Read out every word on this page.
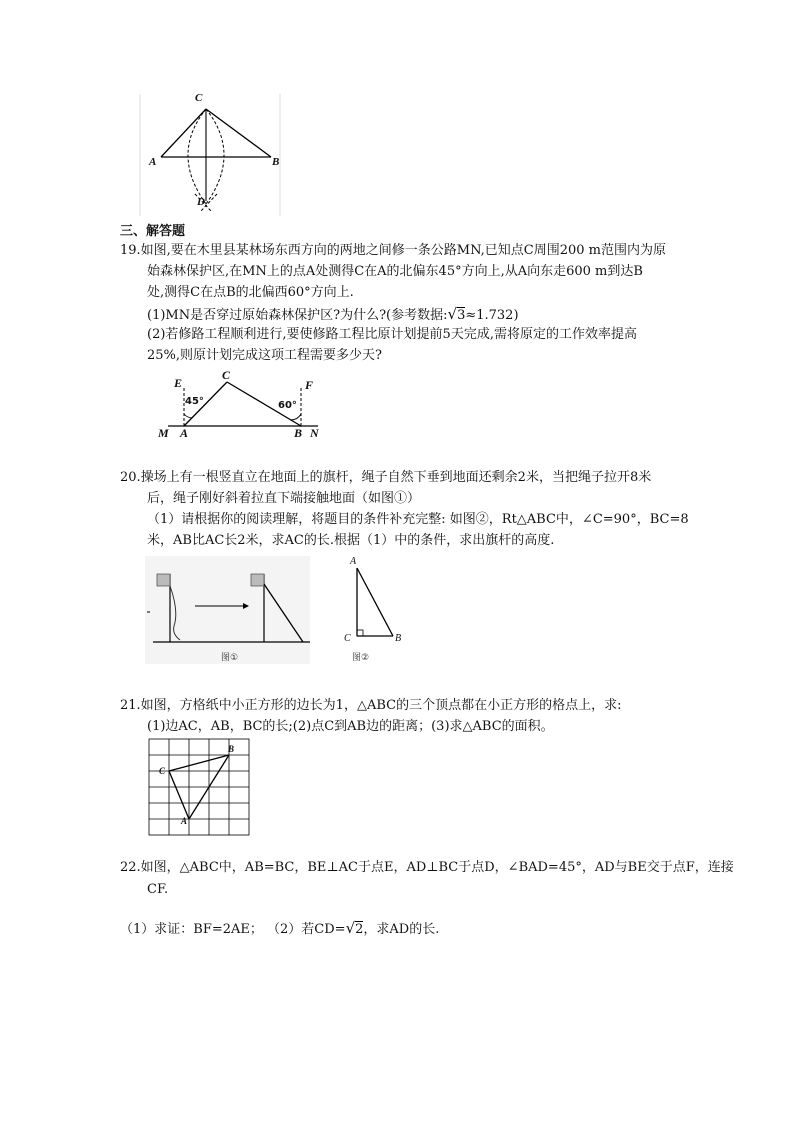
C
A	B
D
三、解答题
19.如图,要在木里县某林场东西方向的两地之间修一条公路MN,已知点C周围200 m范围内为原
始森林保护区,在MN上的点A处测得C在A的北偏东45°方向上,从A向东走600 m到达B
处,测得C在点B的北偏西60°方向上.
(1)MN是否穿过原始森林保护区?为什么?(参考数据:√3≈1.732)
(2)若修路工程顺利进行,要使修路工程比原计划提前5天完成,需将原定的工作效率提高
25%,则原计划完成这项工程需要多少天?
E
C
F
45°	60°
M A	B N
20.操场上有一根竖直立在地面上的旗杆，绳子自然下垂到地面还剩余2米，当把绳子拉开8米
后，绳子刚好斜着拉直下端接触地面（如图①）
（1）请根据你的阅读理解，将题目的条件补充完整: 如图②，Rt△ABC中，∠C=90°，BC=8
米，AB比AC长2米，求AC的长.根据（1）中的条件，求出旗杆的高度.
图①	图②
A
C	B
21.如图，方格纸中小正方形的边长为1，△ABC的三个顶点都在小正方形的格点上，求:
(1)边AC，AB，BC的长;(2)点C到AB边的距离；(3)求△ABC的面积。
B
C
A
22.如图，△ABC中，AB=BC，BE⊥AC于点E，AD⊥BC于点D，∠BAD=45°，AD与BE交于点F，连接
CF.
（1）求证：BF=2AE； （2）若CD=√2，求AD的长.
